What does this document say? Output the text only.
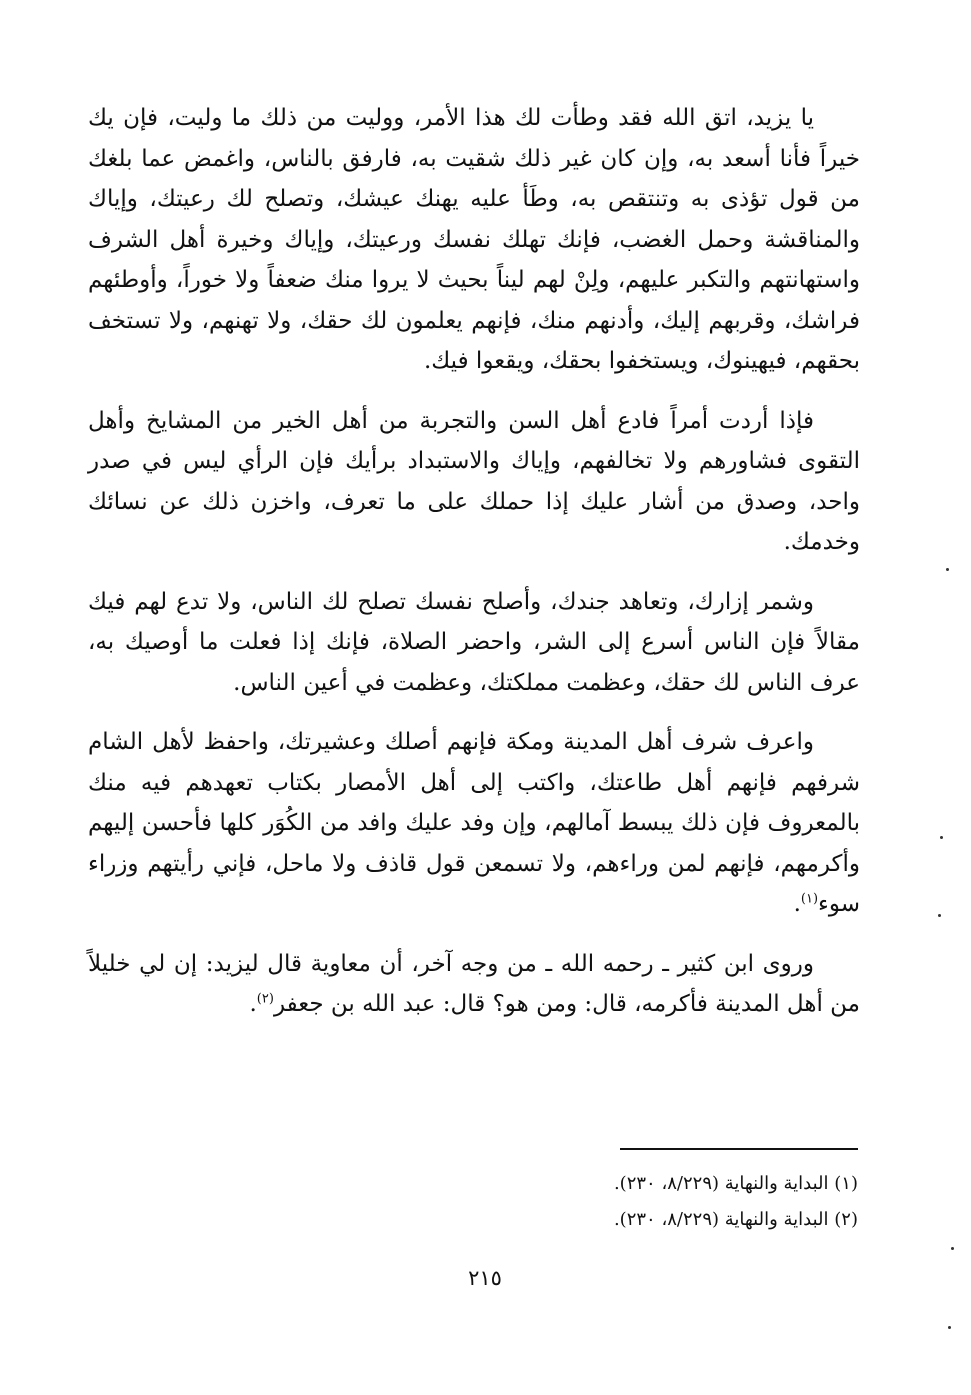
يا يزيد، اتق الله فقد وطأت لك هذا الأمر، ووليت من ذلك ما وليت، فإن يك خيراً فأنا أسعد به، وإن كان غير ذلك شقيت به، فارفق بالناس، واغمض عما بلغك من قول تؤذى به وتنتقص به، وطَأ عليه يهنك عيشك، وتصلح لك رعيتك، وإياك والمناقشة وحمل الغضب، فإنك تهلك نفسك ورعيتك، وإياك وخيرة أهل الشرف واستهانتهم والتكبر عليهم، ولِنْ لهم ليناً بحيث لا يروا منك ضعفاً ولا خوراً، وأوطئهم فراشك، وقربهم إليك، وأدنهم منك، فإنهم يعلمون لك حقك، ولا تهنهم، ولا تستخف بحقهم، فيهينوك، ويستخفوا بحقك، ويقعوا فيك.

فإذا أردت أمراً فادع أهل السن والتجربة من أهل الخير من المشايخ وأهل التقوى فشاورهم ولا تخالفهم، وإياك والاستبداد برأيك فإن الرأي ليس في صدر واحد، وصدق من أشار عليك إذا حملك على ما تعرف، واخزن ذلك عن نسائك وخدمك.

وشمر إزارك، وتعاهد جندك، وأصلح نفسك تصلح لك الناس، ولا تدع لهم فيك مقالاً فإن الناس أسرع إلى الشر، واحضر الصلاة، فإنك إذا فعلت ما أوصيك به، عرف الناس لك حقك، وعظمت مملكتك، وعظمت في أعين الناس.

واعرف شرف أهل المدينة ومكة فإنهم أصلك وعشيرتك، واحفظ لأهل الشام شرفهم فإنهم أهل طاعتك، واكتب إلى أهل الأمصار بكتاب تعهدهم فيه منك بالمعروف فإن ذلك يبسط آمالهم، وإن وفد عليك وافد من الكُوَر كلها فأحسن إليهم وأكرمهم، فإنهم لمن وراءهم، ولا تسمعن قول قاذف ولا ماحل، فإني رأيتهم وزراء سوء$^{(١)}$.

وروى ابن كثير ـ رحمه الله ـ من وجه آخر، أن معاوية قال ليزيد: إن لي خليلاً من أهل المدينة فأكرمه، قال: ومن هو؟ قال: عبد الله بن جعفر$^{(٢)}$.

(١) البداية والنهاية (٨/٢٢٩، ٢٣٠).

(٢) البداية والنهاية (٨/٢٢٩، ٢٣٠).

٢١٥
